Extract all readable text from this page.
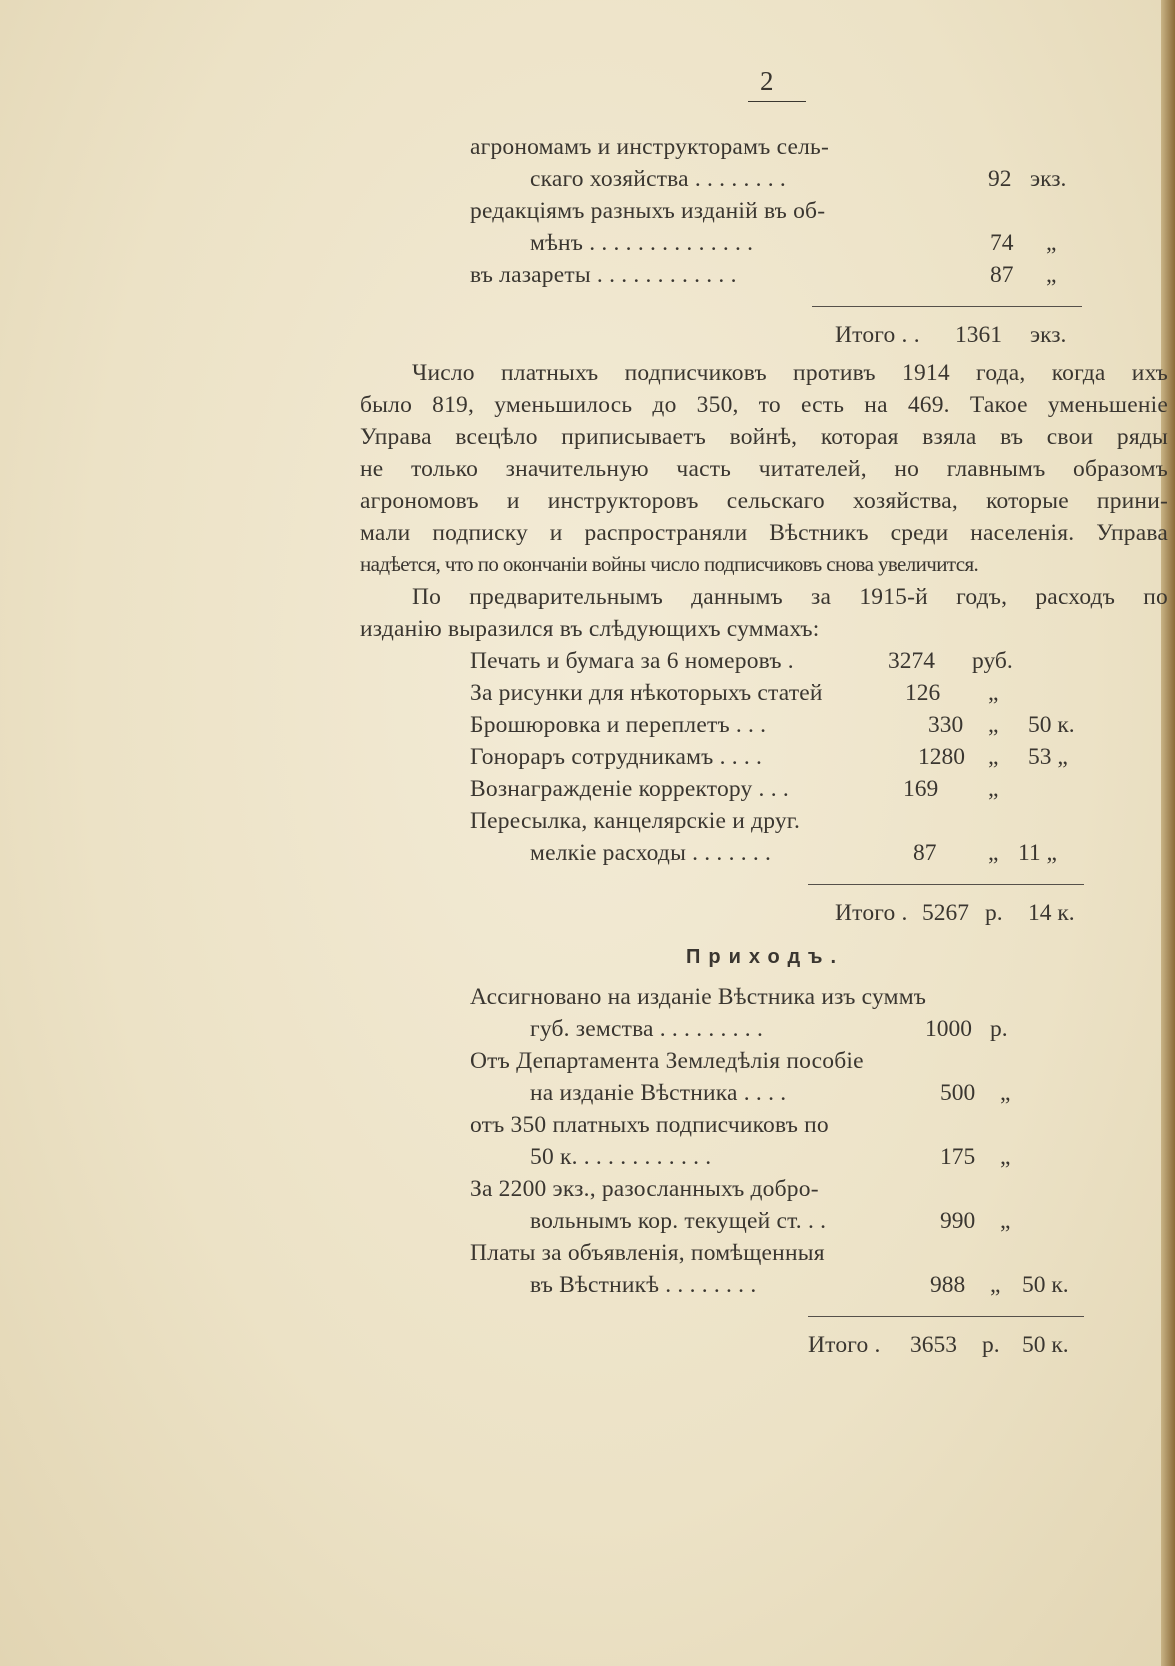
2
агрономамъ и инструкторамъ сель-
скаго хозяйства . . . . . . . .	92 экз.
редакціямъ разныхъ изданій въ об-
мѣнъ . . . . . . . . . . . . . .	74 „
въ лазареты . . . . . . . . . . . .	87 „
Итого . . 1361 экз.
Число платныхъ подписчиковъ противъ 1914 года, когда ихъ
было 819, уменьшилось до 350, то есть на 469. Такое уменьшеніе
Управа всецѣло приписываетъ войнѣ, которая взяла въ свои ряды
не только значительную часть читателей, но главнымъ образомъ
агрономовъ и инструкторовъ сельскаго хозяйства, которые прини-
мали подписку и распространяли Вѣстникъ среди населенія. Управа
надѣется, что по окончаніи войны число подписчиковъ снова увеличится.
По предварительнымъ даннымъ за 1915-й годъ, расходъ по
изданію выразился въ слѣдующихъ суммахъ:
Печать и бумага за 6 номеровъ .	3274 руб.
За рисунки для нѣкоторыхъ статей	126 „
Брошюровка и переплетъ . . .	330 „ 50 к.
Гонораръ сотрудникамъ . . . .	1280 „ 53 „
Вознагражденіе корректору . . .	169 „
Пересылка, канцелярскіе и друг.
мелкіе расходы . . . . . . .	87 „ 11 „
Итого . 5267 р. 14 к.
Приходъ.
Ассигновано на изданіе Вѣстника изъ суммъ
губ. земства . . . . . . . . .	1000 р.
Отъ Департамента Земледѣлія пособіе
на изданіе Вѣстника . . . .	500 „
отъ 350 платныхъ подписчиковъ по
50 к. . . . . . . . . . . .	175 „
За 2200 экз., разосланныхъ добро-
вольнымъ кор. текущей ст. . .	990 „
Платы за объявленія, помѣщенныя
въ Вѣстникѣ . . . . . . . .	988 „ 50 к.
Итого . 3653 р. 50 к.
